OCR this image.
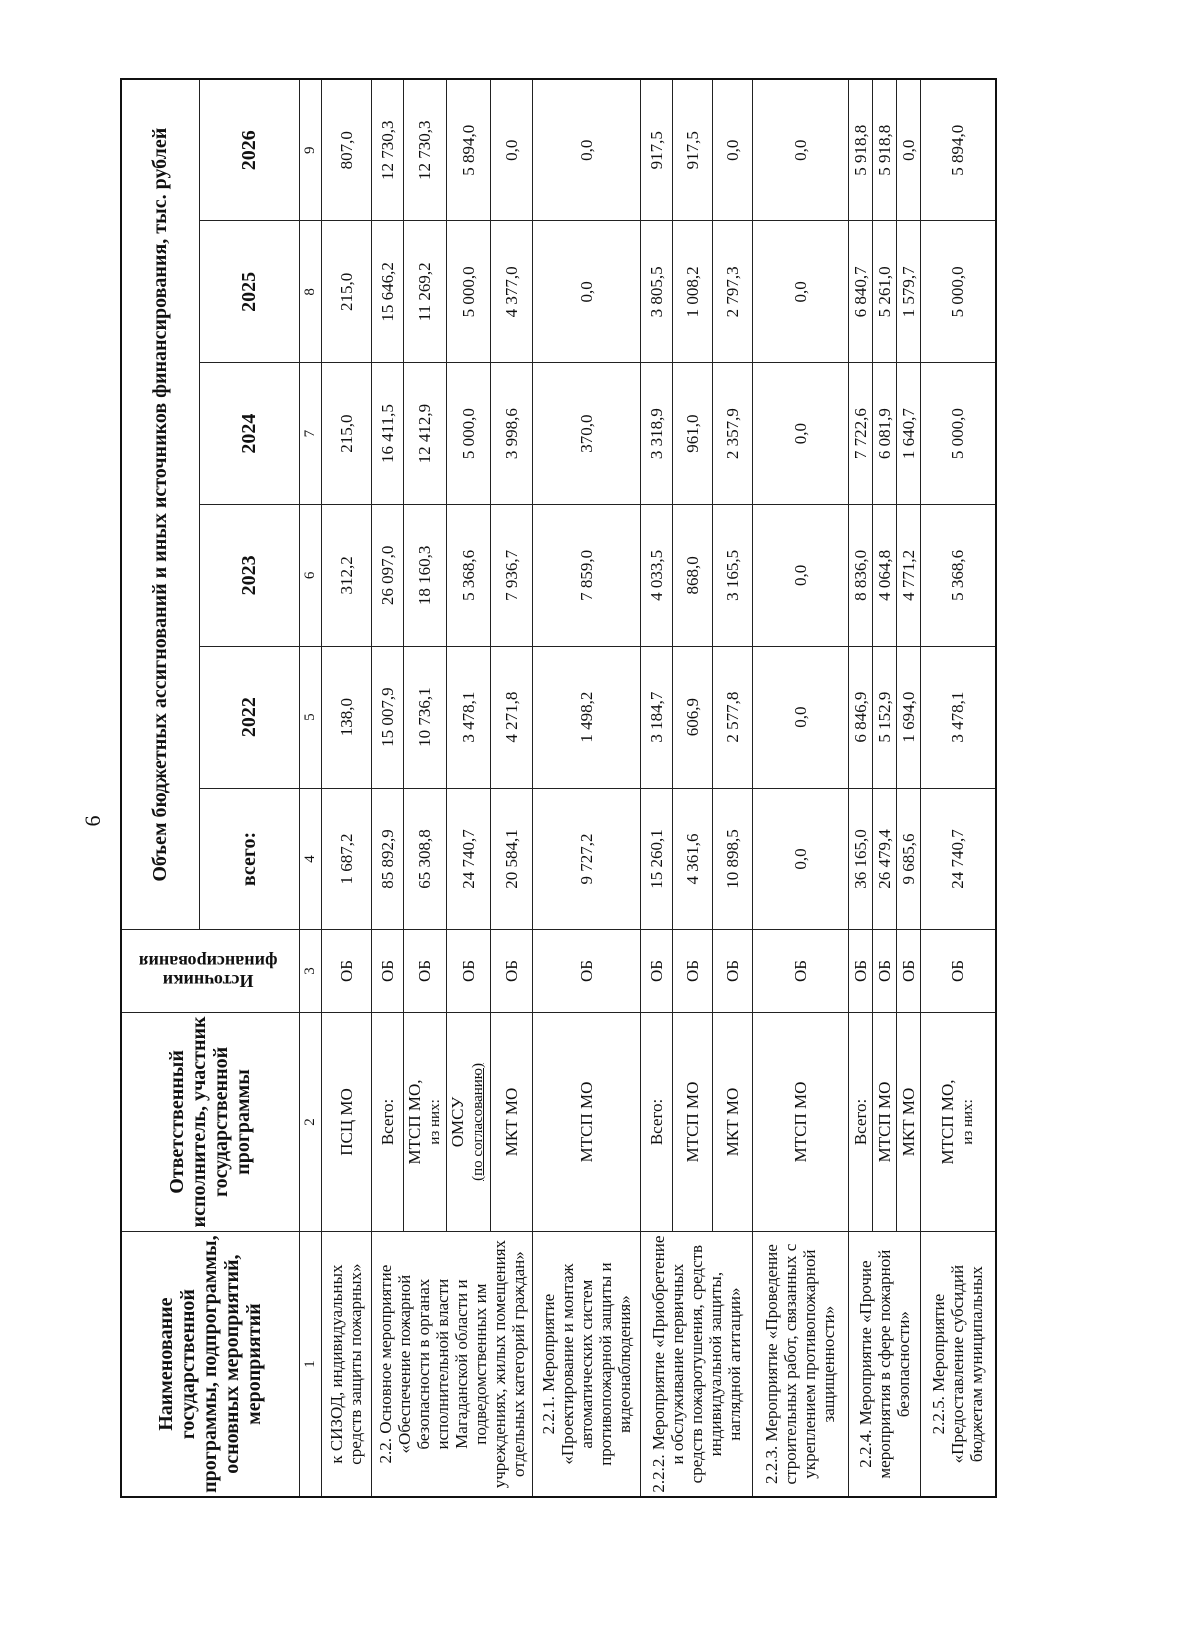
6
Наименование государственной программы, подпрограммы, основных мероприятий, мероприятий	Ответственный исполнитель, участник государственной программы	Источники финансирования	Объем бюджетных ассигнований и иных источников финансирования, тыс. рублей					
			всего:	2022	2023	2024	2025	2026
1	2	3	4	5	6	7	8	9
к СИЗОД, индивидуальных средств защиты пожарных»	ПСЦ МО	ОБ	1 687,2	138,0	312,2	215,0	215,0	807,0
2.2. Основное мероприятие «Обеспечение пожарной безопасности в органах исполнительной власти Магаданской области и подведомственных им учреждениях, жилых помещениях отдельных категорий граждан»	Всего:	ОБ	85 892,9	15 007,9	26 097,0	16 411,5	15 646,2	12 730,3
	МТСП МО, из них:	ОБ	65 308,8	10 736,1	18 160,3	12 412,9	11 269,2	12 730,3
	ОМСУ (по согласованию)	ОБ	24 740,7	3 478,1	5 368,6	5 000,0	5 000,0	5 894,0
	МКТ МО	ОБ	20 584,1	4 271,8	7 936,7	3 998,6	4 377,0	0,0
2.2.1. Мероприятие «Проектирование и монтаж автоматических систем противопожарной защиты и видеонаблюдения»	МТСП МО	ОБ	9 727,2	1 498,2	7 859,0	370,0	0,0	0,0
2.2.2. Мероприятие «Приобретение и обслуживание первичных средств пожаротушения, средств индивидуальной защиты, наглядной агитации»	Всего:	ОБ	15 260,1	3 184,7	4 033,5	3 318,9	3 805,5	917,5
	МТСП МО	ОБ	4 361,6	606,9	868,0	961,0	1 008,2	917,5
	МКТ МО	ОБ	10 898,5	2 577,8	3 165,5	2 357,9	2 797,3	0,0
2.2.3. Мероприятие «Проведение строительных работ, связанных с укреплением противопожарной защищенности»	МТСП МО	ОБ	0,0	0,0	0,0	0,0	0,0	0,0
2.2.4. Мероприятие «Прочие мероприятия в сфере пожарной безопасности»	Всего:	ОБ	36 165,0	6 846,9	8 836,0	7 722,6	6 840,7	5 918,8
	МТСП МО	ОБ	26 479,4	5 152,9	4 064,8	6 081,9	5 261,0	5 918,8
	МКТ МО	ОБ	9 685,6	1 694,0	4 771,2	1 640,7	1 579,7	0,0
2.2.5. Мероприятие «Предоставление субсидий бюджетам муниципальных	МТСП МО, из них:	ОБ	24 740,7	3 478,1	5 368,6	5 000,0	5 000,0	5 894,0
